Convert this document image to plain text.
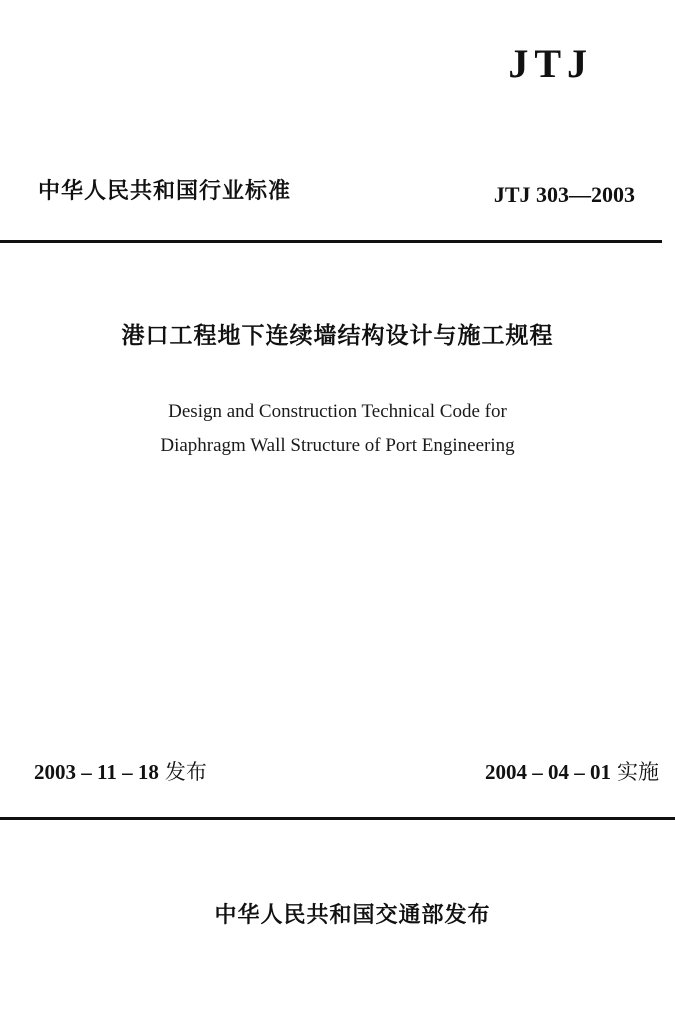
JTJ
中华人民共和国行业标准	JTJ 303—2003
港口工程地下连续墙结构设计与施工规程
Design and Construction Technical Code for
Diaphragm Wall Structure of Port Engineering
2003 – 11 – 18 发布	2004 – 04 – 01 实施
中华人民共和国交通部发布
